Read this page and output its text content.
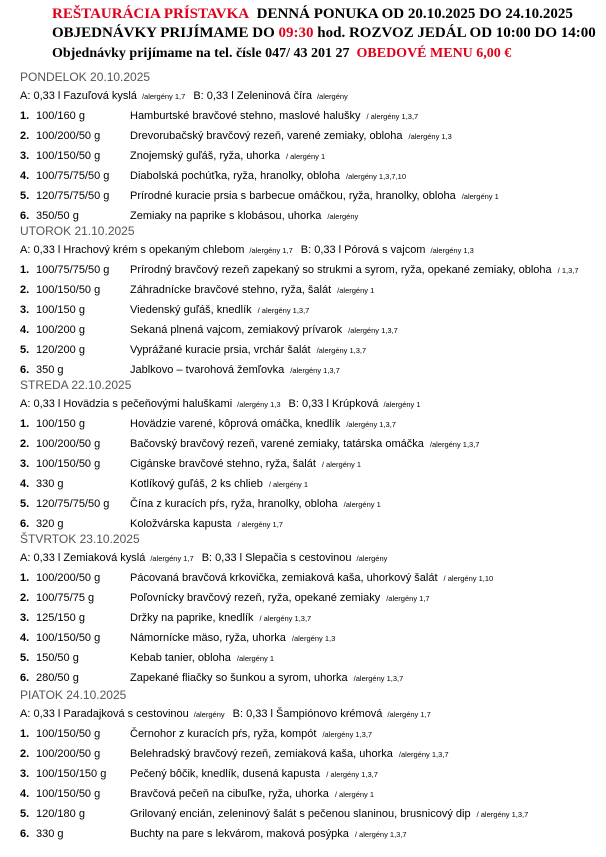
REŠTAURÁCIA PRÍSTAVKA DENNÁ PONUKA OD 20.10.2025 DO 24.10.2025
OBJEDNÁVKY PRIJÍMAME DO 09:30 hod. ROZVOZ JEDÁL OD 10:00 DO 14:00
Objednávky prijímame na tel. čísle 047/ 43 201 27 OBEDOVÉ MENU 6,00 €
PONDELOK 20.10.2025
A: 0,33 l Fazuľová kyslá /alergény 1,7 B: 0,33 l Zeleninová číra /alergény
1. 100/160 g	Hamburtské bravčové stehno, maslové halušky / alergény 1,3,7
2. 100/200/50 g	Drevorubačský bravčový rezeň, varené zemiaky, obloha /alergény 1,3
3. 100/150/50 g	Znojemský guľáš, ryža, uhorka / alergény 1
4. 100/75/75/50 g Diabolská pochúťka, ryža, hranolky, obloha /alergény 1,3,7,10
5. 120/75/75/50 g Prírodné kuracie prsia s barbecue omáčkou, ryža, hranolky, obloha /alergény 1
6. 350/50 g	Zemiaky na paprike s klobásou, uhorka /alergény
UTOROK 21.10.2025
A: 0,33 l Hrachový krém s opekaným chlebom /alergény 1,7 B: 0,33 l Pórová s vajcom /alergény 1,3
1. 100/75/75/50 g Prírodný bravčový rezeň zapekaný so strukmi a syrom, ryža, opekané zemiaky, obloha / 1,3,7
2. 100/150/50 g	Záhradnícke bravčové stehno, ryža, šalát /alergény 1
3. 100/150 g	Viedenský guľáš, knedlík / alergény 1,3,7
4. 100/200 g	Sekaná plnená vajcom, zemiakový prívarok /alergény 1,3,7
5. 120/200 g	Vyprážané kuracie prsia, vrchár šalát /alergény 1,3,7
6. 350 g	Jablkovo – tvarohová žemľovka /alergény 1,3,7
STREDA 22.10.2025
A: 0,33 l Hovädzia s pečeňovými haluškami /alergény 1,3 B: 0,33 l Krúpková /alergény 1
1. 100/150 g	Hovädzie varené, kôprová omáčka, knedlík /alergény 1,3,7
2. 100/200/50 g	Bačovský bravčový rezeň, varené zemiaky, tatárska omáčka /alergény 1,3,7
3. 100/150/50 g	Cigánske bravčové stehno, ryža, šalát / alergény 1
4. 330 g	Kotlíkový guľáš, 2 ks chlieb / alergény 1
5. 120/75/75/50 g Čína z kuracích pŕs, ryža, hranolky, obloha /alergény 1
6. 320 g	Koložvárska kapusta / alergény 1,7
ŠTVRTOK 23.10.2025
A: 0,33 l Zemiaková kyslá /alergény 1,7 B: 0,33 l Slepačia s cestovinou /alergény
1. 100/200/50 g	Pácovaná bravčová krkovička, zemiaková kaša, uhorkový šalát / alergény 1,10
2. 100/75/75 g	Poľovnícky bravčový rezeň, ryža, opekané zemiaky /alergény 1,7
3. 125/150 g	Držky na paprike, knedlík / alergény 1,3,7
4. 100/150/50 g	Námornícke mäso, ryža, uhorka /alergény 1,3
5. 150/50 g	Kebab tanier, obloha /alergény 1
6. 280/50 g	Zapekané fliačky so šunkou a syrom, uhorka /alergény 1,3,7
PIATOK 24.10.2025
A: 0,33 l Paradajková s cestovinou /alergény B: 0,33 l Šampiónovo krémová /alergény 1,7
1. 100/150/50 g	Černohor z kuracích pŕs, ryža, kompót /alergény 1,3,7
2. 100/200/50 g	Belehradský bravčový rezeň, zemiaková kaša, uhorka /alergény 1,3,7
3. 100/150/150 g Pečený bôčik, knedlík, dusená kapusta / alergény 1,3,7
4. 100/150/50 g	Bravčová pečeň na cibuľke, ryža, uhorka / alergény 1
5. 120/180 g	Grilovaný encián, zeleninový šalát s pečenou slaninou, brusnicový dip / alergény 1,3,7
6. 330 g	Buchty na pare s lekvárom, maková posýpka / alergény 1,3,7
